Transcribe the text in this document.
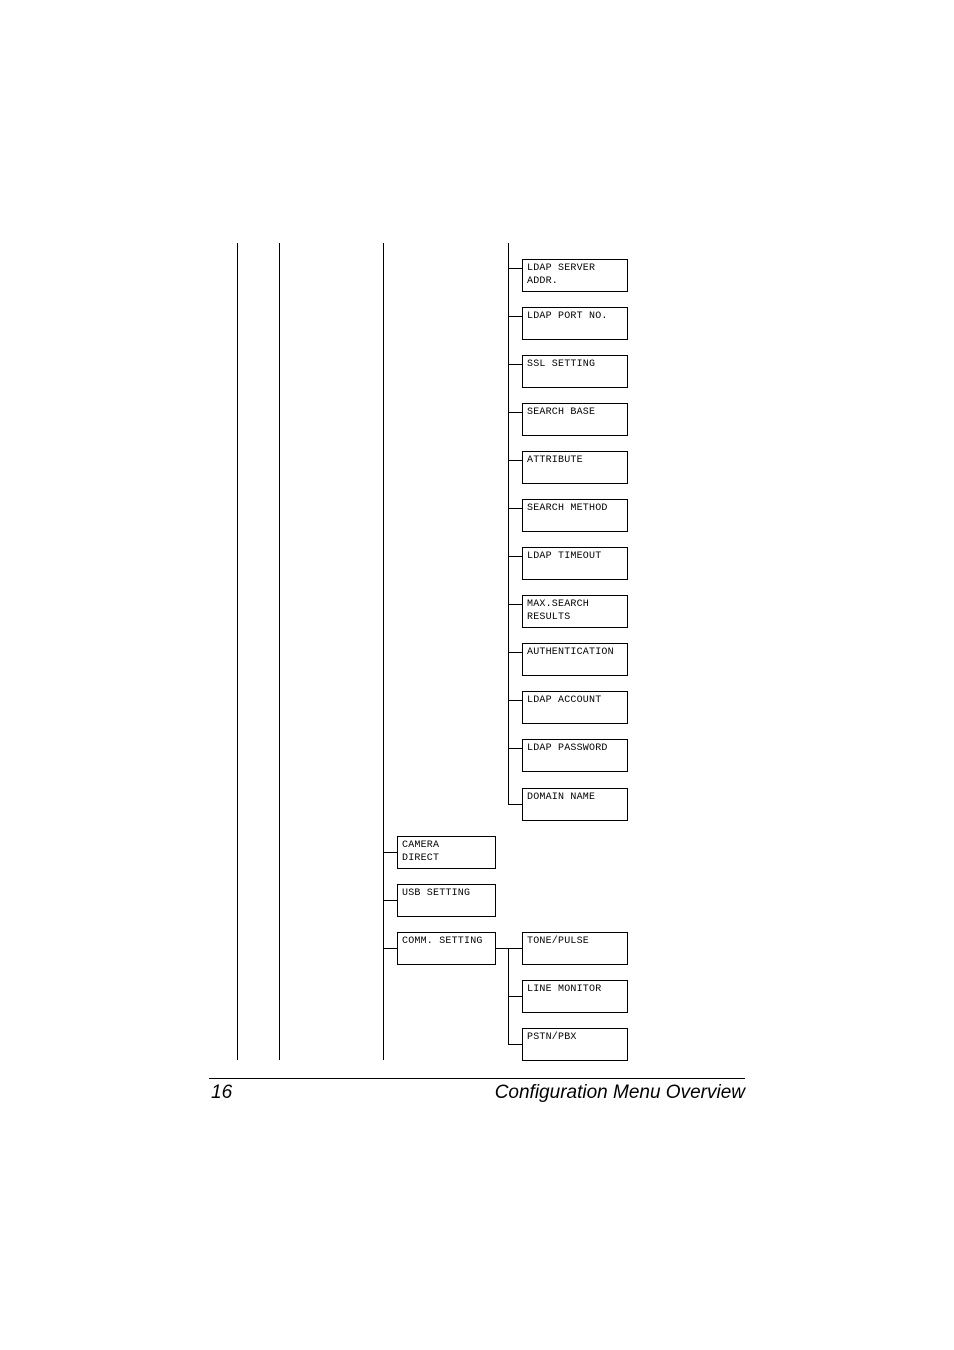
LDAP SERVER
ADDR.
LDAP PORT NO.
SSL SETTING
SEARCH BASE
ATTRIBUTE
SEARCH METHOD
LDAP TIMEOUT
MAX.SEARCH
RESULTS
AUTHENTICATION
LDAP ACCOUNT
LDAP PASSWORD
DOMAIN NAME
CAMERA
DIRECT
USB SETTING
COMM. SETTING	TONE/PULSE
LINE MONITOR
PSTN/PBX
16	Configuration Menu Overview
